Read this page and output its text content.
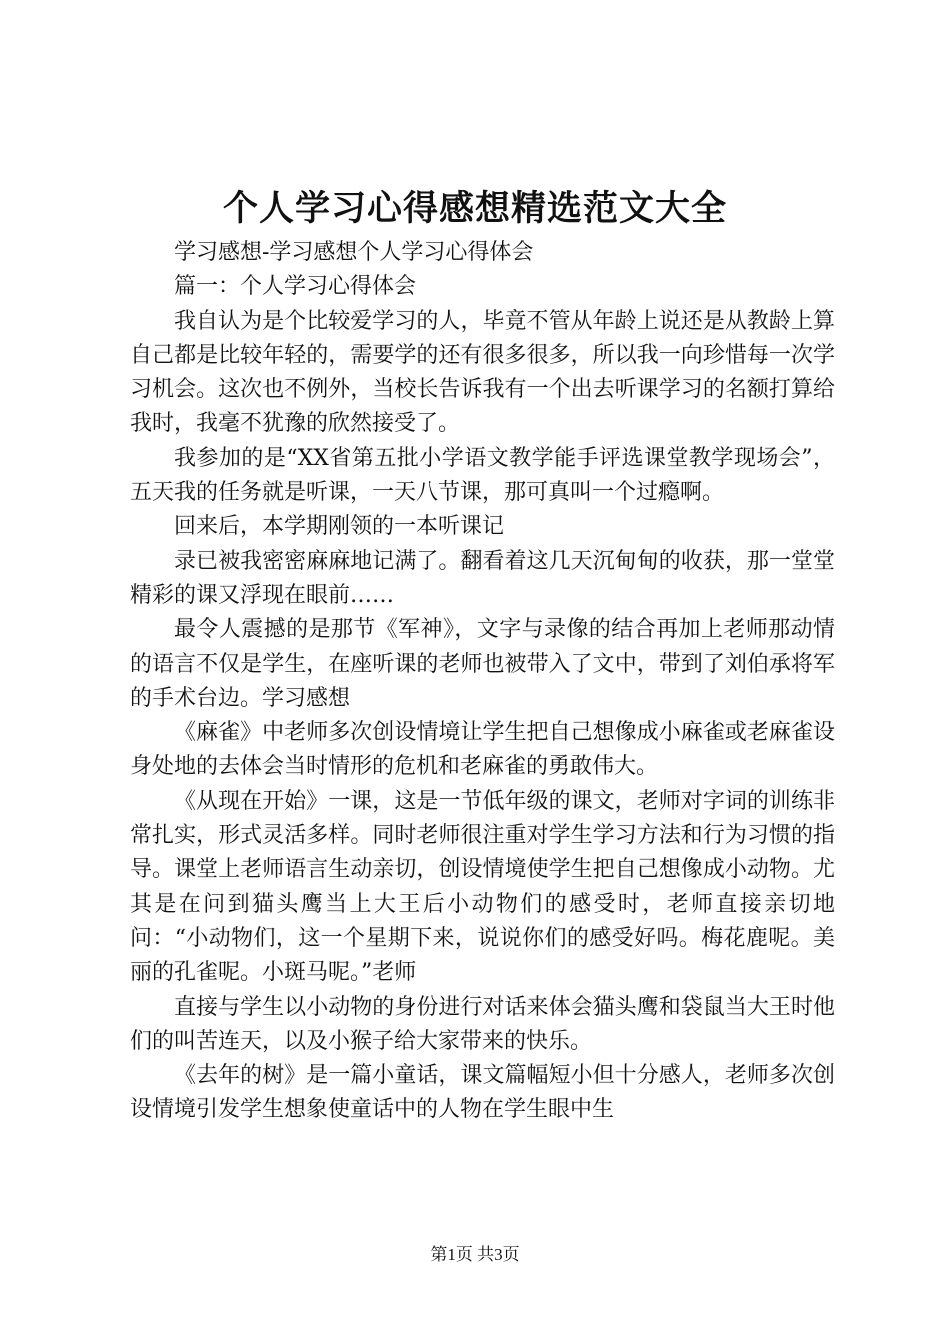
个人学习心得感想精选范文大全

学习感想-学习感想个人学习心得体会

篇一：个人学习心得体会

我自认为是个比较爱学习的人，毕竟不管从年龄上说还是从教龄上算自己都是比较年轻的，需要学的还有很多很多，所以我一向珍惜每一次学习机会。这次也不例外，当校长告诉我有一个出去听课学习的名额打算给我时，我毫不犹豫的欣然接受了。

我参加的是“XX省第五批小学语文教学能手评选课堂教学现场会”，五天我的任务就是听课，一天八节课，那可真叫一个过瘾啊。

回来后，本学期刚领的一本听课记

录已被我密密麻麻地记满了。翻看着这几天沉甸甸的收获，那一堂堂精彩的课又浮现在眼前……

最令人震撼的是那节《军神》，文字与录像的结合再加上老师那动情的语言不仅是学生，在座听课的老师也被带入了文中，带到了刘伯承将军的手术台边。学习感想

《麻雀》中老师多次创设情境让学生把自己想像成小麻雀或老麻雀设身处地的去体会当时情形的危机和老麻雀的勇敢伟大。

《从现在开始》一课，这是一节低年级的课文，老师对字词的训练非常扎实，形式灵活多样。同时老师很注重对学生学习方法和行为习惯的指导。课堂上老师语言生动亲切，创设情境使学生把自己想像成小动物。尤其是在问到猫头鹰当上大王后小动物们的感受时，老师直接亲切地问：“小动物们，这一个星期下来，说说你们的感受好吗。梅花鹿呢。美丽的孔雀呢。小斑马呢。”老师

直接与学生以小动物的身份进行对话来体会猫头鹰和袋鼠当大王时他们的叫苦连天，以及小猴子给大家带来的快乐。

《去年的树》是一篇小童话，课文篇幅短小但十分感人，老师多次创设情境引发学生想象使童话中的人物在学生眼中生

第1页 共3页
